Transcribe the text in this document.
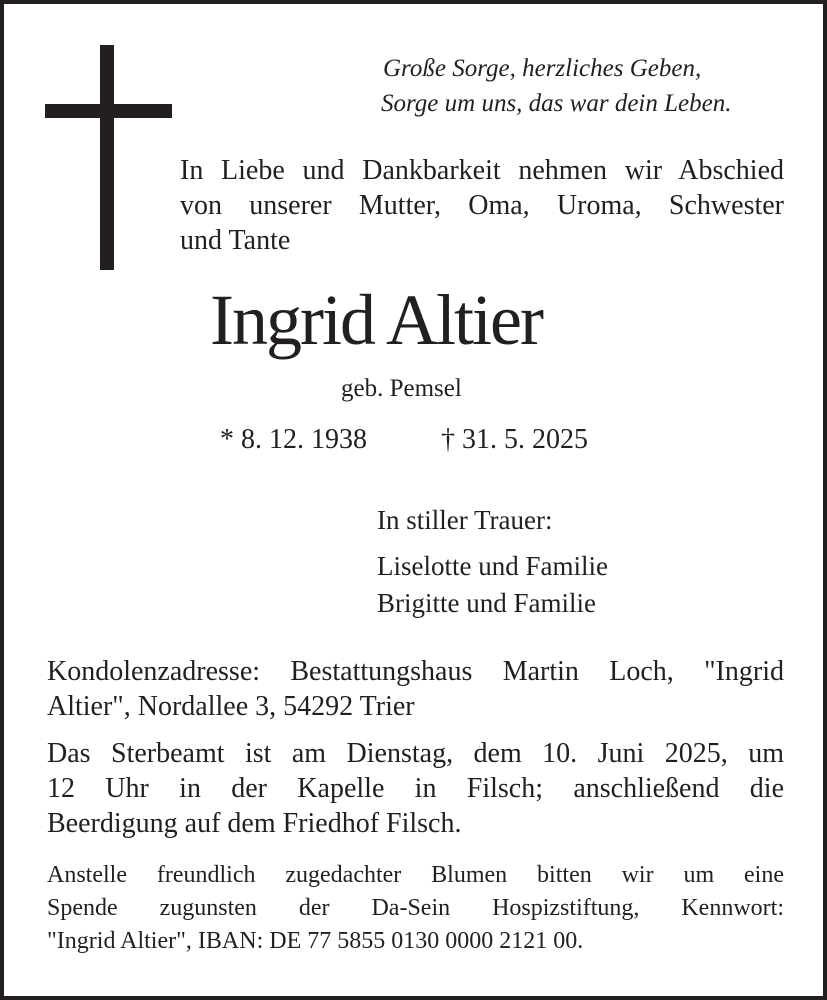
Große Sorge, herzliches Geben,
Sorge um uns, das war dein Leben.
In Liebe und Dankbarkeit nehmen wir Abschied
von unserer Mutter, Oma, Uroma, Schwester
und Tante
Ingrid Altier
geb. Pemsel
* 8. 12. 1938	† 31. 5. 2025
In stiller Trauer:
Liselotte und Familie
Brigitte und Familie
Kondolenzadresse: Bestattungshaus Martin Loch, "Ingrid
Altier", Nordallee 3, 54292 Trier
Das Sterbeamt ist am Dienstag, dem 10. Juni 2025, um
12 Uhr in der Kapelle in Filsch; anschließend die
Beerdigung auf dem Friedhof Filsch.
Anstelle freundlich zugedachter Blumen bitten wir um eine
Spende zugunsten der Da-Sein Hospizstiftung, Kennwort:
"Ingrid Altier", IBAN: DE 77 5855 0130 0000 2121 00.
